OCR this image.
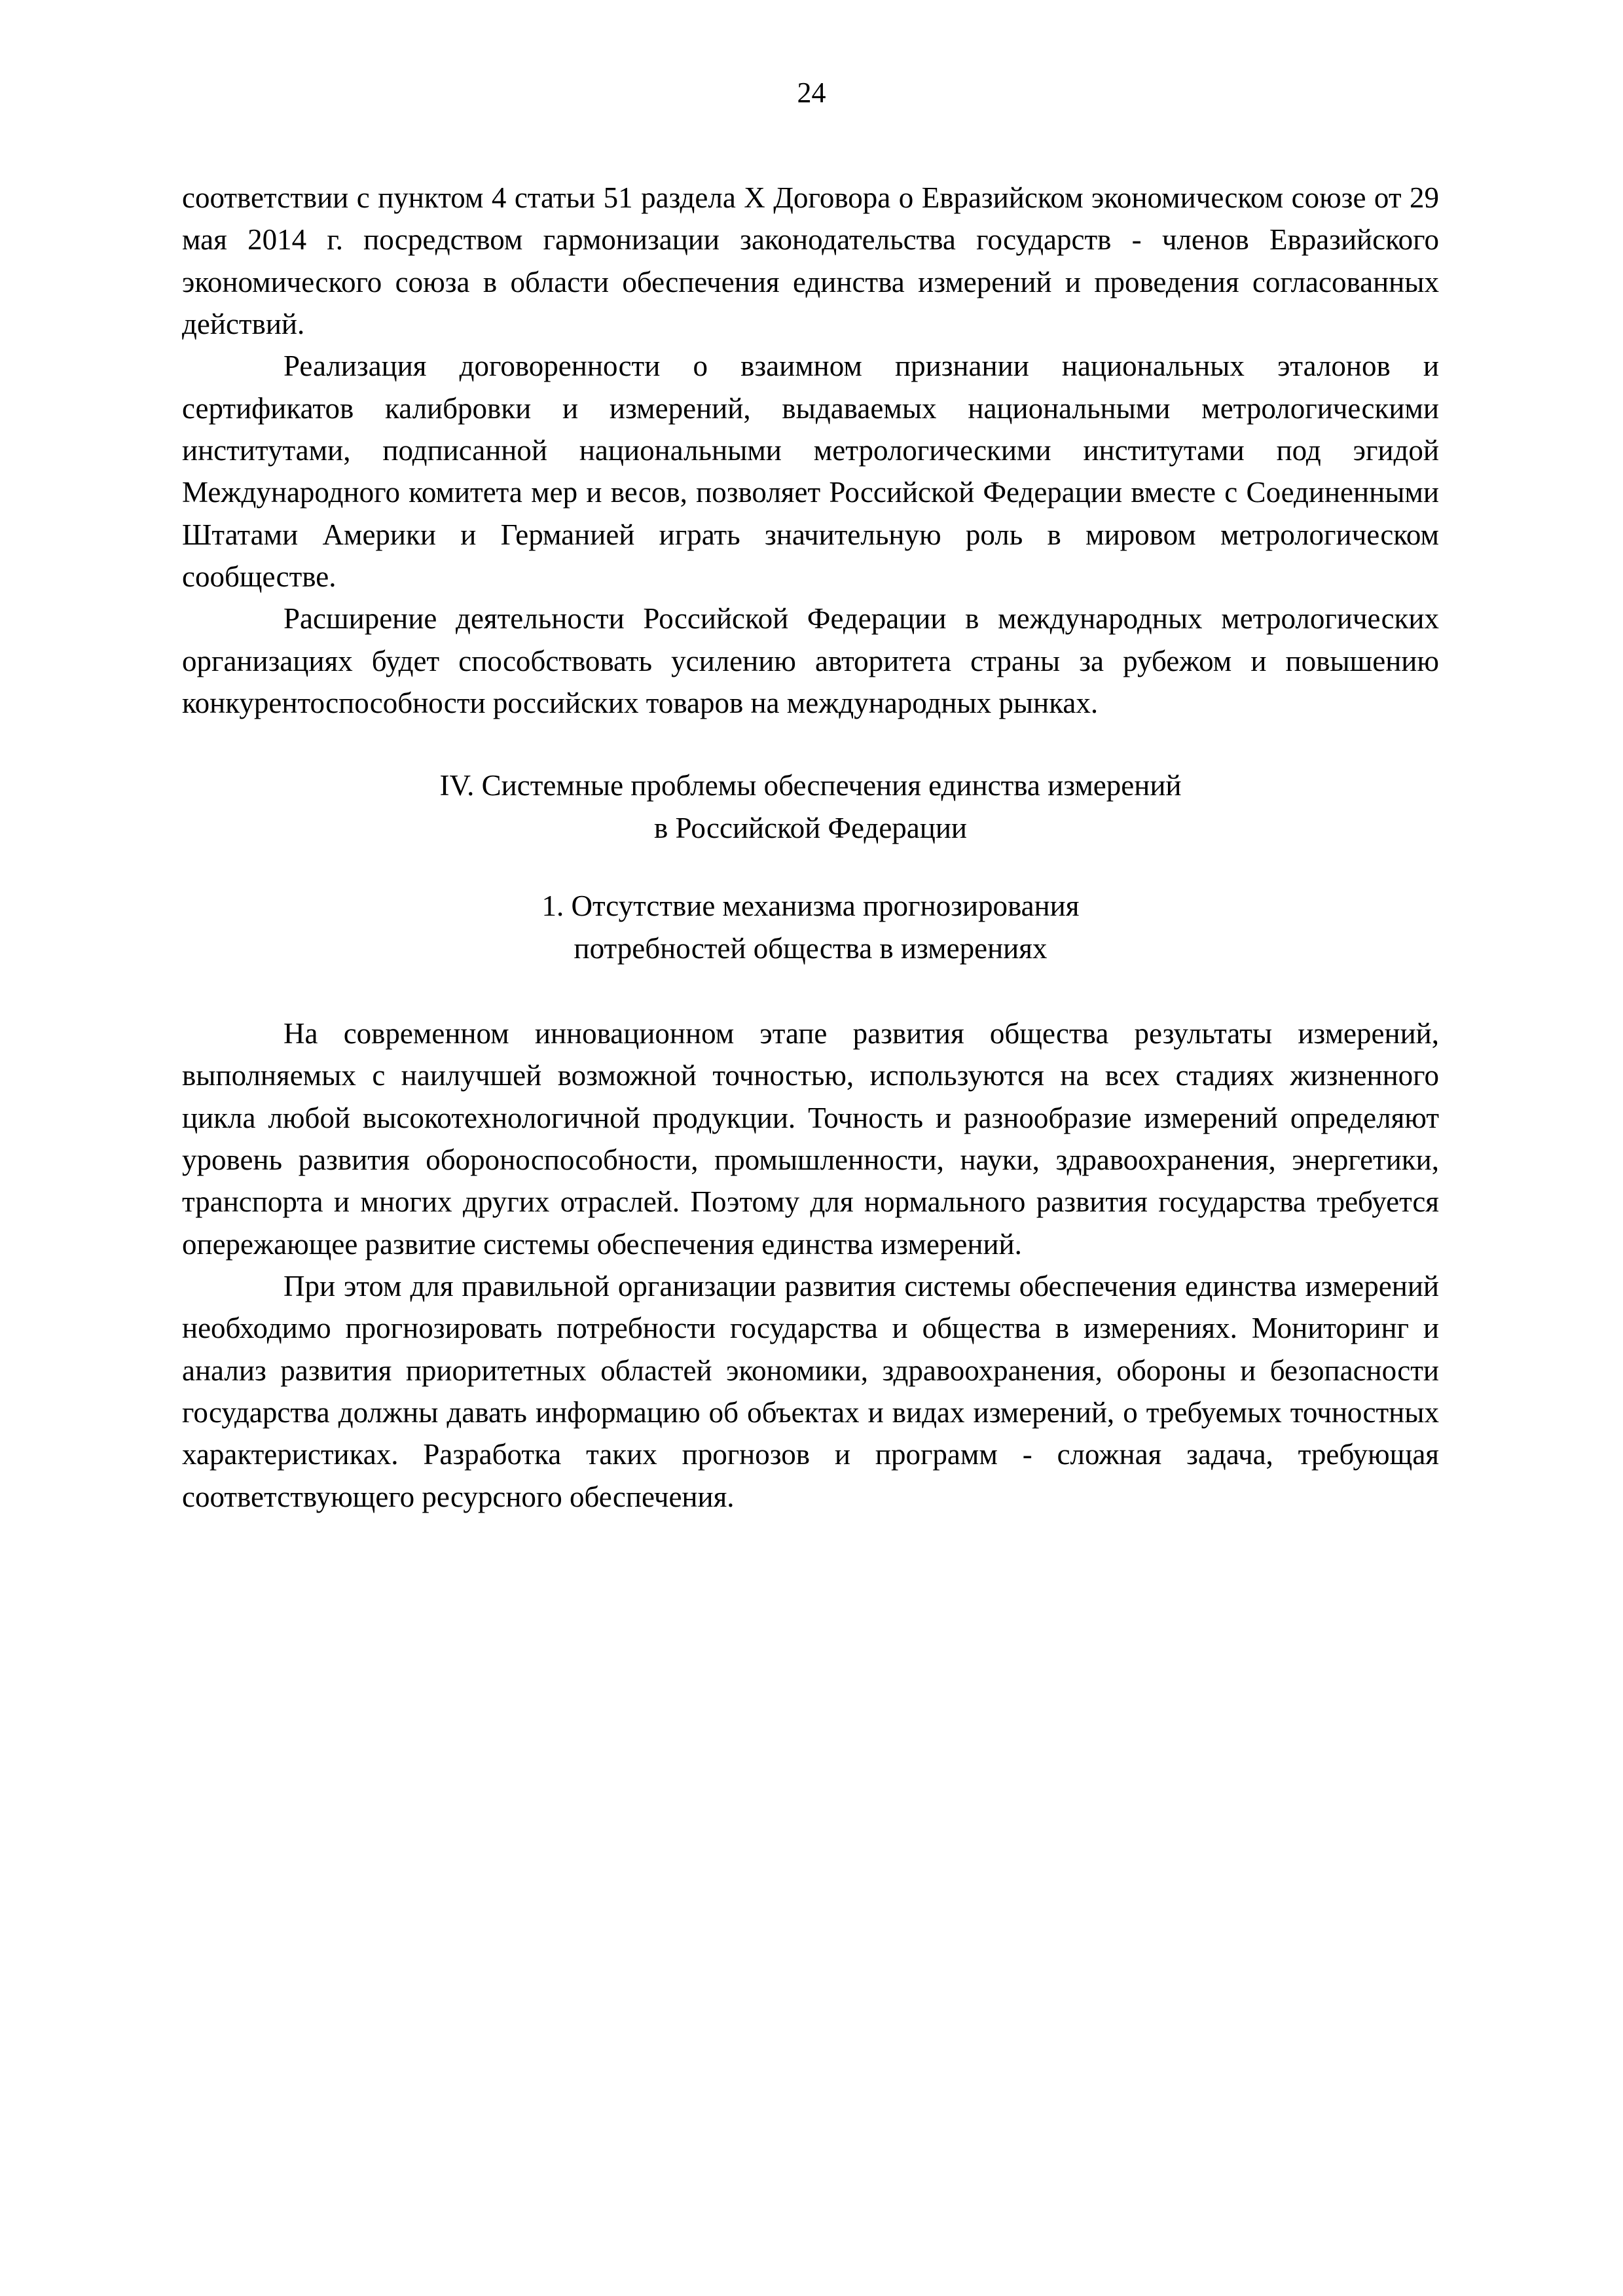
24

соответствии с пунктом 4 статьи 51 раздела X Договора о Евразийском экономическом союзе от 29 мая 2014 г. посредством гармонизации законодательства государств - членов Евразийского экономического союза в области обеспечения единства измерений и проведения согласованных действий.

Реализация договоренности о взаимном признании национальных эталонов и сертификатов калибровки и измерений, выдаваемых национальными метрологическими институтами, подписанной национальными метрологическими институтами под эгидой Международного комитета мер и весов, позволяет Российской Федерации вместе с Соединенными Штатами Америки и Германией играть значительную роль в мировом метрологическом сообществе.

Расширение деятельности Российской Федерации в международных метрологических организациях будет способствовать усилению авторитета страны за рубежом и повышению конкурентоспособности российских товаров на международных рынках.

IV. Системные проблемы обеспечения единства измерений
в Российской Федерации
1. Отсутствие механизма прогнозирования
потребностей общества в измерениях

На современном инновационном этапе развития общества результаты измерений, выполняемых с наилучшей возможной точностью, используются на всех стадиях жизненного цикла любой высокотехнологичной продукции. Точность и разнообразие измерений определяют уровень развития обороноспособности, промышленности, науки, здравоохранения, энергетики, транспорта и многих других отраслей. Поэтому для нормального развития государства требуется опережающее развитие системы обеспечения единства измерений.

При этом для правильной организации развития системы обеспечения единства измерений необходимо прогнозировать потребности государства и общества в измерениях. Мониторинг и анализ развития приоритетных областей экономики, здравоохранения, обороны и безопасности государства должны давать информацию об объектах и видах измерений, о требуемых точностных характеристиках. Разработка таких прогнозов и программ - сложная задача, требующая соответствующего ресурсного обеспечения.
